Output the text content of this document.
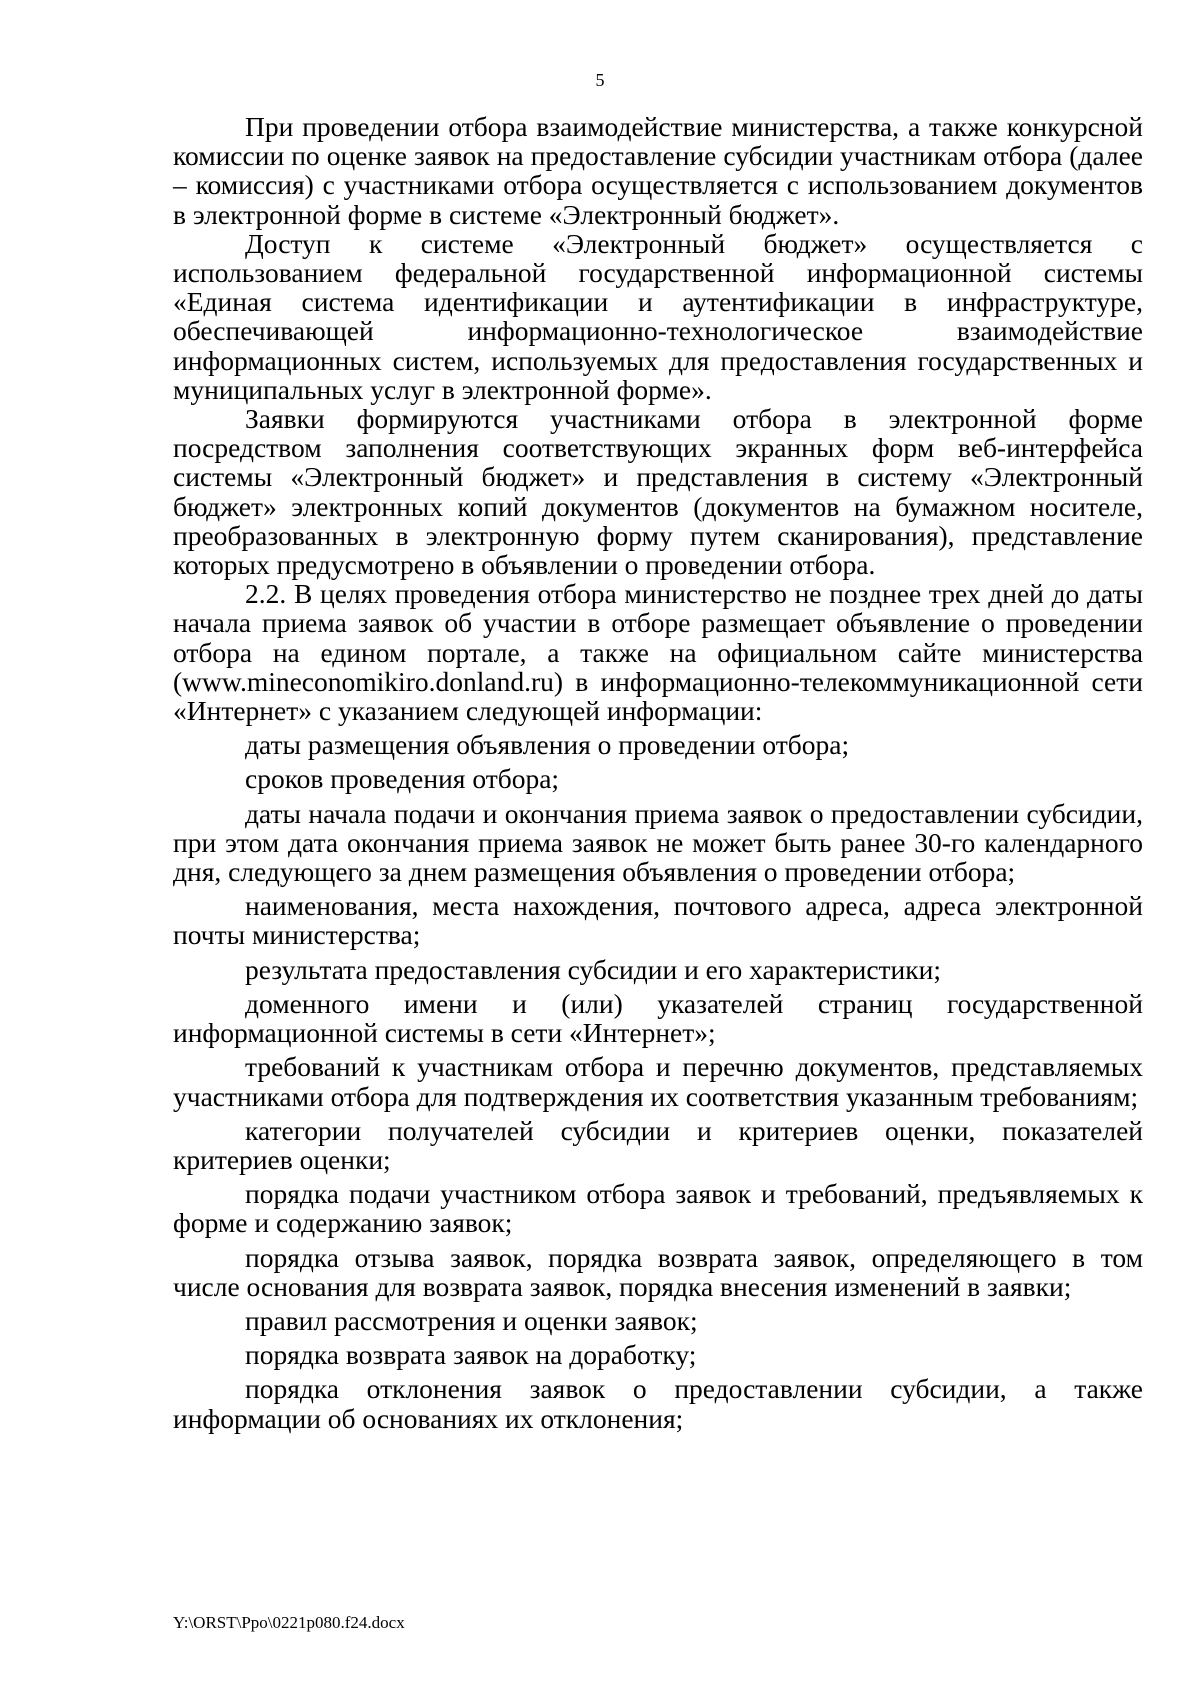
5

При проведении отбора взаимодействие министерства, а также конкурсной комиссии по оценке заявок на предоставление субсидии участникам отбора (далее – комиссия) с участниками отбора осуществляется с использованием документов в электронной форме в системе «Электронный бюджет».

Доступ к системе «Электронный бюджет» осуществляется с использованием федеральной государственной информационной системы «Единая система идентификации и аутентификации в инфраструктуре, обеспечивающей информационно-технологическое взаимодействие информационных систем, используемых для предоставления государственных и муниципальных услуг в электронной форме».

Заявки формируются участниками отбора в электронной форме посредством заполнения соответствующих экранных форм веб-интерфейса системы «Электронный бюджет» и представления в систему «Электронный бюджет» электронных копий документов (документов на бумажном носителе, преобразованных в электронную форму путем сканирования), представление которых предусмотрено в объявлении о проведении отбора.

2.2. В целях проведения отбора министерство не позднее трех дней до даты начала приема заявок об участии в отборе размещает объявление о проведении отбора на едином портале, а также на официальном сайте министерства (www.mineconomikiro.donland.ru) в информационно-телекоммуникационной сети «Интернет» с указанием следующей информации:

даты размещения объявления о проведении отбора;

сроков проведения отбора;

даты начала подачи и окончания приема заявок о предоставлении субсидии, при этом дата окончания приема заявок не может быть ранее 30-го календарного дня, следующего за днем размещения объявления о проведении отбора;

наименования, места нахождения, почтового адреса, адреса электронной почты министерства;

результата предоставления субсидии и его характеристики;

доменного имени и (или) указателей страниц государственной информационной системы в сети «Интернет»;

требований к участникам отбора и перечню документов, представляемых участниками отбора для подтверждения их соответствия указанным требованиям;

категории получателей субсидии и критериев оценки, показателей критериев оценки;

порядка подачи участником отбора заявок и требований, предъявляемых к форме и содержанию заявок;

порядка отзыва заявок, порядка возврата заявок, определяющего в том числе основания для возврата заявок, порядка внесения изменений в заявки;

правил рассмотрения и оценки заявок;

порядка возврата заявок на доработку;

порядка отклонения заявок о предоставлении субсидии, а также информации об основаниях их отклонения;

Y:\ORST\Ppo\0221p080.f24.docx
